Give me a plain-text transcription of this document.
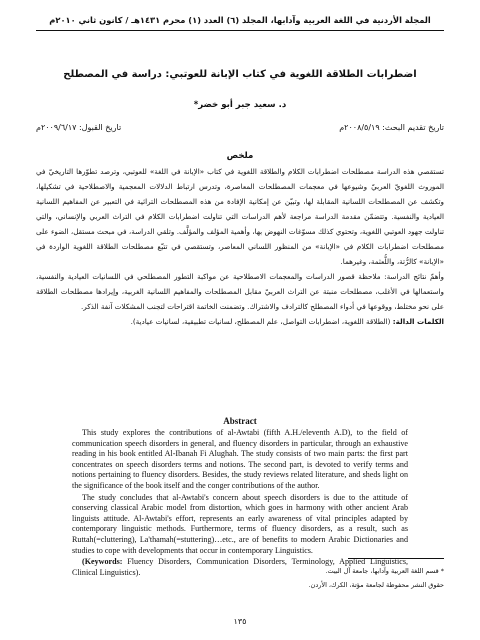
المجلة الأردنية في اللغة العربية وآدابها، المجلد (٦) العدد (١) محرم ١٤٣١هـ / كانون ثاني ٢٠١٠م
اضطرابات الطلاقة اللغوية في كتاب الإبانة للعوتبي: دراسة في المصطلح
د. سعيد جبر أبو خضر*
تاريخ تقديم البحث: ٢٠٠٨/٥/١٩م
تاريخ القبول: ٢٠٠٩/٦/١٧م
ملخص

تستقصي هذه الدراسة مصطلحات اضطرابات الكلام والطلاقة اللغوية في كتاب «الإبانة في اللغة» للعوتبي، وترصد تطوّرها التاريخيّ في الموروث اللغويّ العربيّ وشيوعها في معجمات المصطلحات المعاصرة، وتدرس ارتباط الدلالات المعجمية والاصطلاحية في تشكيلها، وتكشف عن المصطلحات اللسانية المقابلة لها، وتبيّن عن إمكانية الإفادة من هذه المصطلحات التراثية في التعبير عن المفاهيم اللسانية العيادية والنفسية. وتتضمّن مقدمة الدراسة مراجعة لأهم الدراسات التي تناولت اضطرابات الكلام في التراث العربي والإنساني، والتي تناولت جهود العوتبي اللغوية، وتحتوي كذلك مسوّغات النهوض بها، وأهمية المؤلف والمؤلَّف. وتلقي الدراسة، في مبحث مستقل، الضوء على مصطلحات اضطرابات الكلام في «الإبانة» من المنظور اللساني المعاصر، وتستقصي في تتبّع مصطلحات الطلاقة اللغوية الواردة في «الإبانة» كالرُّتة، واللُّعثمة، وغيرهما.

وأهمّ نتائج الدراسة: ملاحظة قصور الدراسات والمعجمات الاصطلاحية عن مواكبة التطور المصطلحي في اللسانيات العيادية والنفسية، واستعمالها في الأغلب، مصطلحات منبتة عن التراث العربيّ مقابل المصطلحات والمفاهيم اللسانية الغربية، وإيرادها مصطلحات الطلاقة على نحو مختلط، ووقوعها في أدواء المصطلح كالترادف والاشتراك. وتضمنت الخاتمة اقتراحات لتجنب المشكلات آنفة الذكر.

الكلمات الدالة: (الطلاقة اللغوية، اضطرابات التواصل، علم المصطلح، لسانيات تطبيقية، لسانيات عيادية).

Abstract

This study explores the contributions of al-Awtabi (fifth A.H./eleventh A.D), to the field of communication speech disorders in general, and fluency disorders in particular, through an exhaustive reading in his book entitled Al-Ibanah Fi Alughah. The study consists of two main parts: the first part concentrates on speech disorders terms and notions. The second part, is devoted to verify terms and notions pertaining to fluency disorders. Besides, the study reviews related literature, and sheds light on the significance of the book itself and the conger contributions of the author.

The study concludes that al-Awtabi's concern about speech disorders is due to the attitude of conserving classical Arabic model from distortion, which goes in harmony with other ancient Arab linguists attitude. Al-Awtabi's effort, represents an early awareness of vital principles adapted by contemporary linguistic methods. Furthermore, terms of fluency disorders, as a result, such as Ruttah(=cluttering), La'thamah(=stuttering)…etc., are of benefits to modern Arabic Dictionaries and studies to cope with developments that occur in contemporary Linguistics.

(Keywords: Fluency Disorders, Communication Disorders, Terminology, Applied Linguistics, Clinical Linguistics).	* قسم اللغة العربية وآدابها، جامعة آل البيت.
حقوق النشر محفوظة لجامعة مؤتة، الكرك، الأردن.
١٣٥
